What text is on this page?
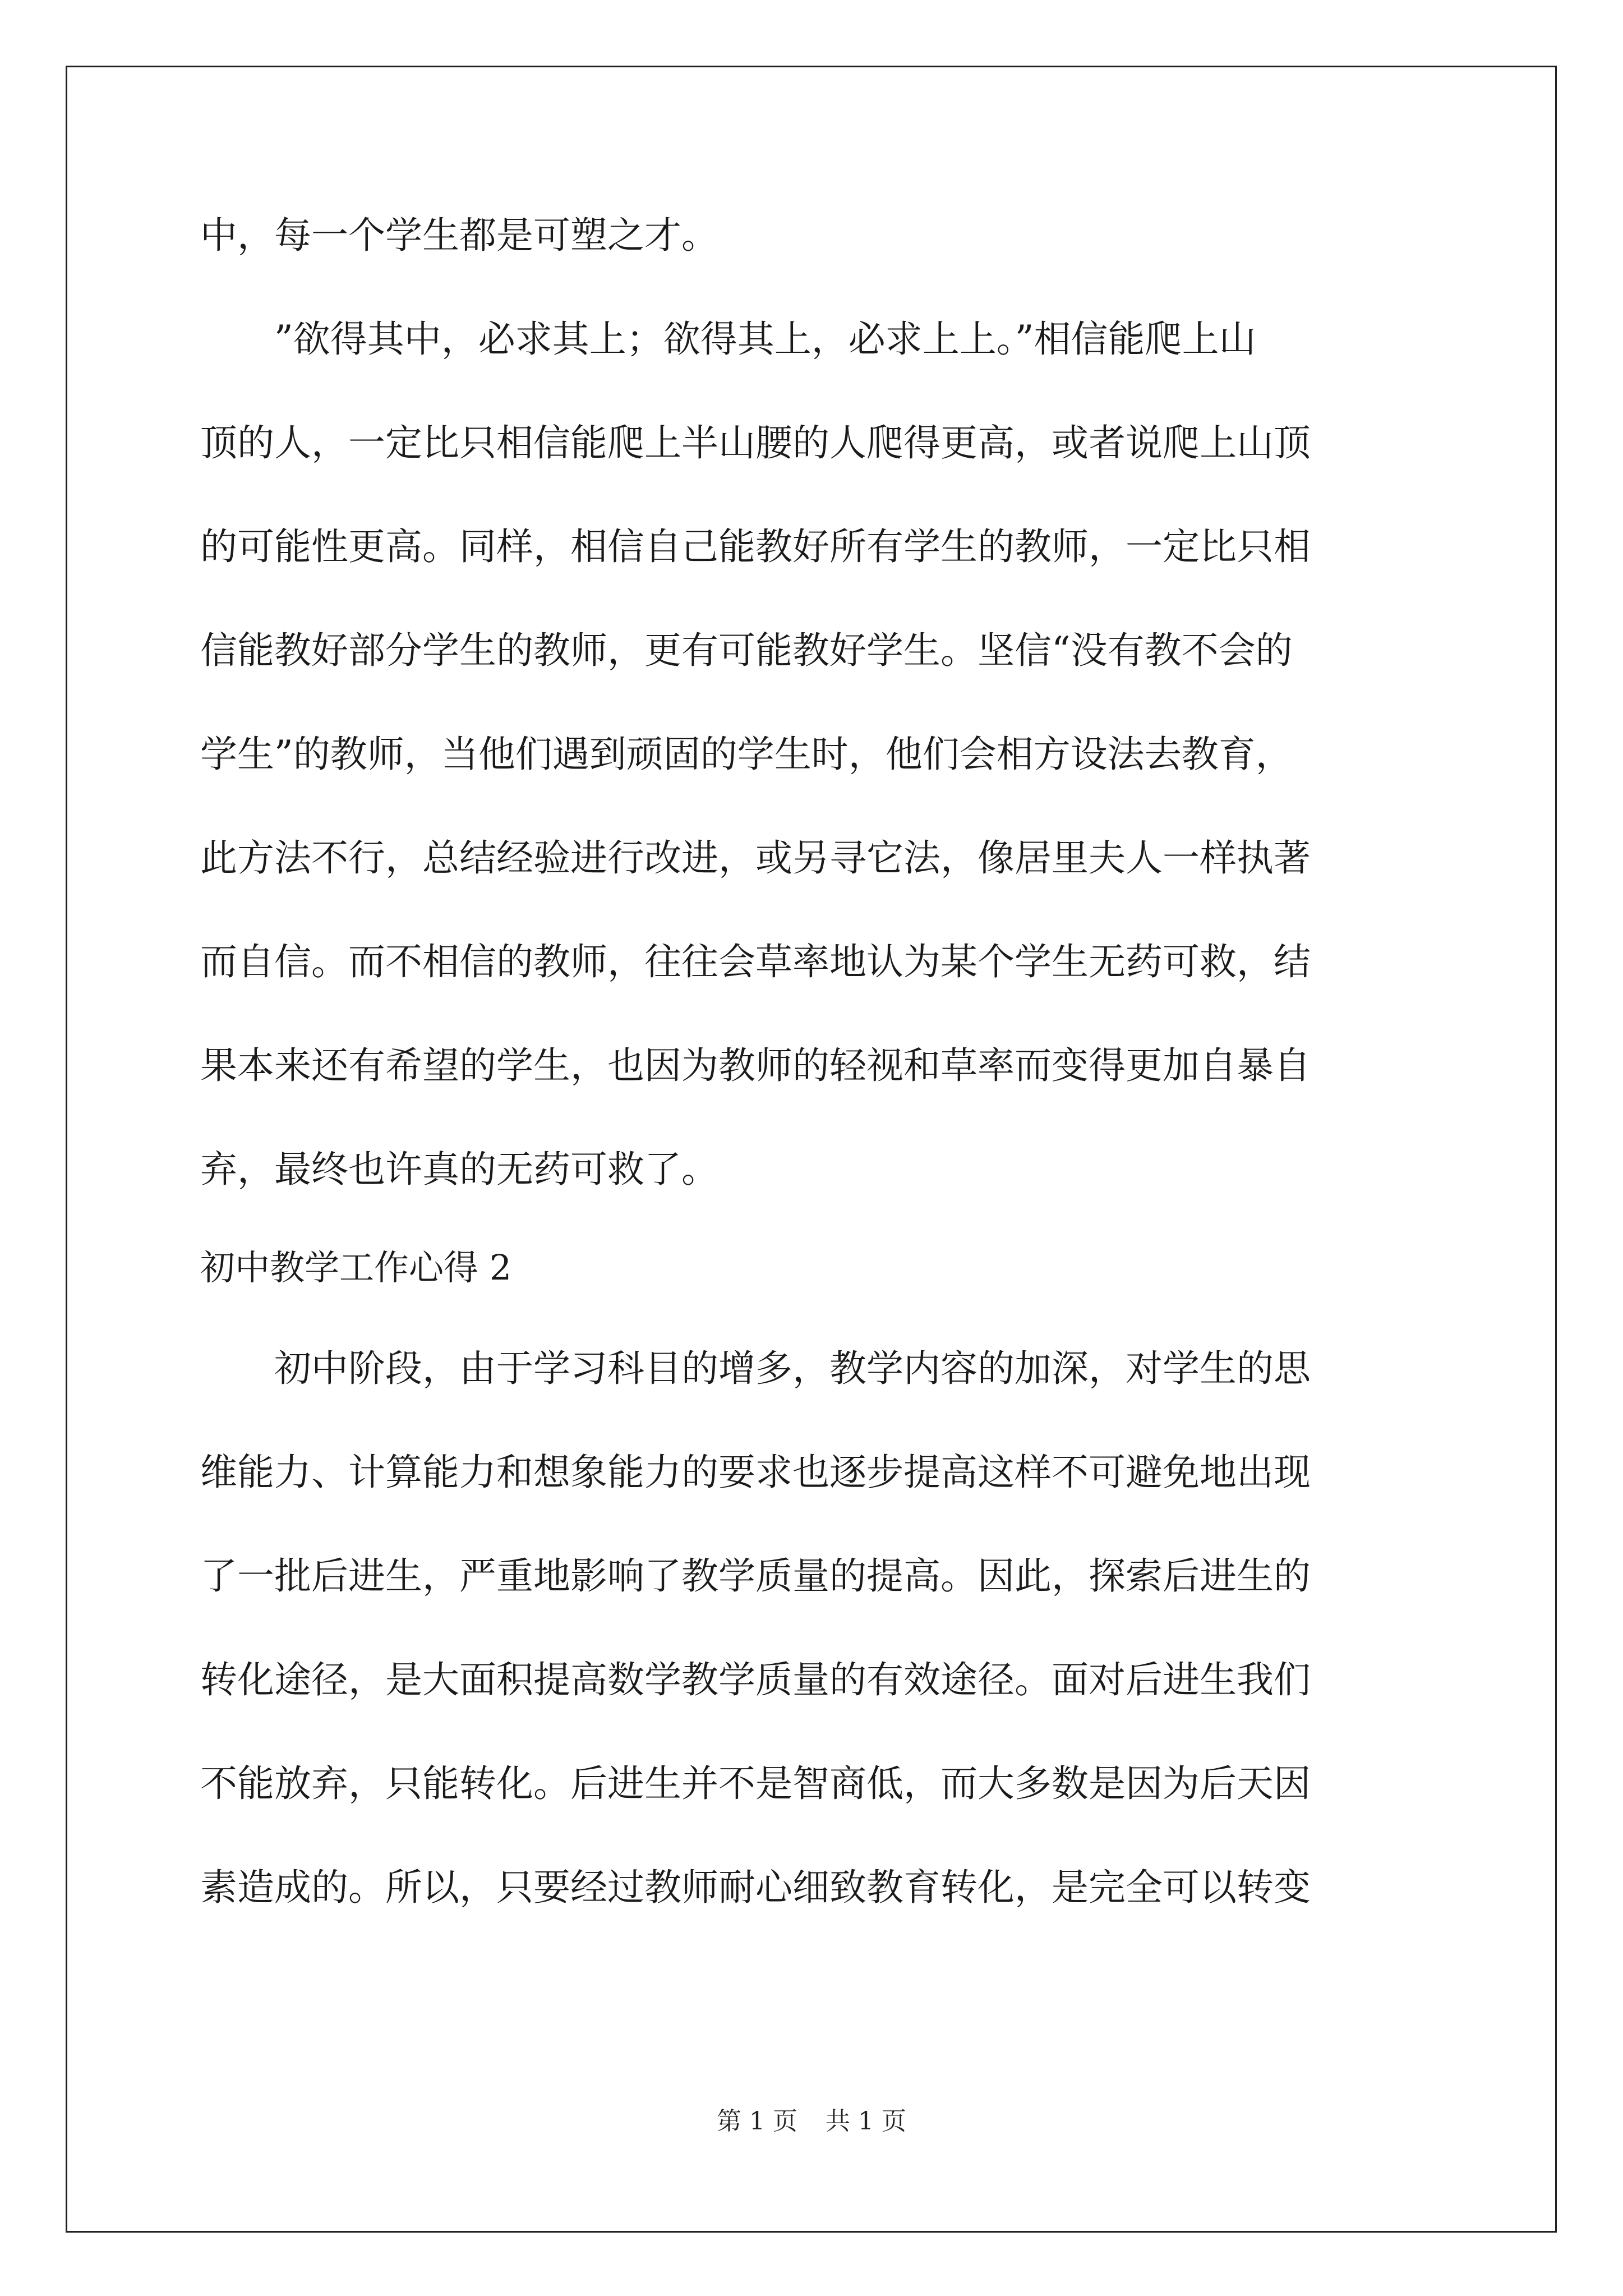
中，每一个学生都是可塑之才。
　　”欲得其中，必求其上；欲得其上，必求上上。”相信能爬上山
顶的人，一定比只相信能爬上半山腰的人爬得更高，或者说爬上山顶
的可能性更高。同样，相信自己能教好所有学生的教师，一定比只相
信能教好部分学生的教师，更有可能教好学生。坚信“没有教不会的
学生”的教师，当他们遇到顽固的学生时，他们会相方设法去教育，
此方法不行，总结经验进行改进，或另寻它法，像居里夫人一样执著
而自信。而不相信的教师，往往会草率地认为某个学生无药可救，结
果本来还有希望的学生，也因为教师的轻视和草率而变得更加自暴自
弃，最终也许真的无药可救了。
初中教学工作心得 2
　　初中阶段，由于学习科目的增多，教学内容的加深，对学生的思
维能力、计算能力和想象能力的要求也逐步提高这样不可避免地出现
了一批后进生，严重地影响了教学质量的提高。因此，探索后进生的
转化途径，是大面积提高数学教学质量的有效途径。面对后进生我们
不能放弃，只能转化。后进生并不是智商低，而大多数是因为后天因
素造成的。所以，只要经过教师耐心细致教育转化，是完全可以转变
第 1 页 共 1 页
